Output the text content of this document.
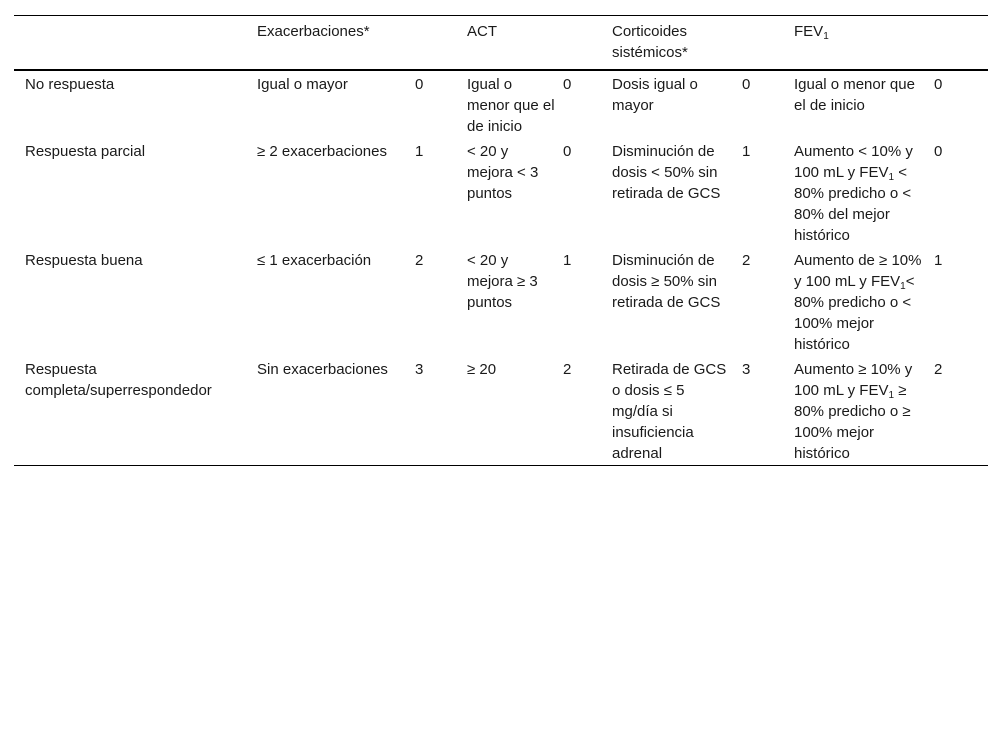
	Exacerbaciones*		ACT		Corticoides sistémicos*		$FEV_1$	
No respuesta	Igual o mayor	0	Igual o menor que el de inicio	0	Dosis igual o mayor	0	Igual o menor que el de inicio	0
Respuesta parcial	≥ 2 exacerbaciones	1	< 20 y mejora < 3 puntos	0	Disminución de dosis < 50% sin retirada de GCS	1	Aumento < 10% y 100 mL y $FEV_1 < 80\%$ predicho o < 80% del mejor histórico	0
Respuesta buena	≤ 1 exacerbación	2	< 20 y mejora ≥ 3 puntos	1	Disminución de dosis ≥ 50% sin retirada de GCS	2	Aumento de ≥ 10% y 100 mL y $FEV_1< 80\%$ predicho o < 100% mejor histórico	1
Respuesta completa/superrespondedor	Sin exacerbaciones	3	≥ 20	2	Retirada de GCS o dosis ≤ 5 mg/día si insuficiencia adrenal	3	Aumento ≥ 10% y 100 mL y $FEV_1 \ge 80\%$ predicho o ≥ 100% mejor histórico	2
